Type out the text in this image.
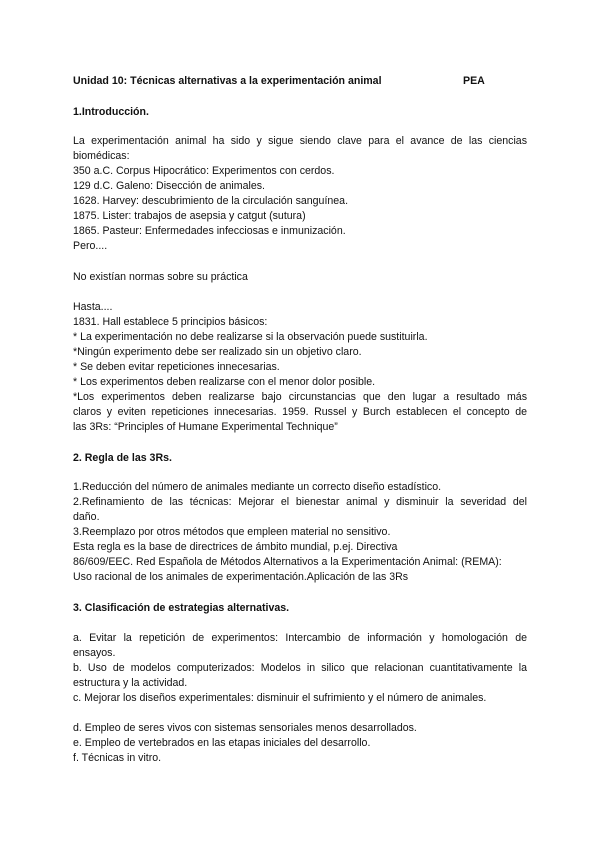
Unidad 10: Técnicas alternativas a la experimentación animal	PEA
1.Introducción.
La experimentación animal ha sido y sigue siendo clave para el avance de las ciencias
biomédicas:
350 a.C. Corpus Hipocrático: Experimentos con cerdos.
129 d.C. Galeno: Disección de animales.
1628. Harvey: descubrimiento de la circulación sanguínea.
1875. Lister: trabajos de asepsia y catgut (sutura)
1865. Pasteur: Enfermedades infecciosas e inmunización.
Pero....
No existían normas sobre su práctica
Hasta....
1831. Hall establece 5 principios básicos:
* La experimentación no debe realizarse si la observación puede sustituirla.
*Ningún experimento debe ser realizado sin un objetivo claro.
* Se deben evitar repeticiones innecesarias.
* Los experimentos deben realizarse con el menor dolor posible.
*Los experimentos deben realizarse bajo circunstancias que den lugar a resultado más
claros y eviten repeticiones innecesarias. 1959. Russel y Burch establecen el concepto de
las 3Rs: “Principles of Humane Experimental Technique”
2. Regla de las 3Rs.
1.Reducción del número de animales mediante un correcto diseño estadístico.
2.Refinamiento de las técnicas: Mejorar el bienestar animal y disminuir la severidad del
daño.
3.Reemplazo por otros métodos que empleen material no sensitivo.
Esta regla es la base de directrices de ámbito mundial, p.ej. Directiva
86/609/EEC. Red Española de Métodos Alternativos a la Experimentación Animal: (REMA):
Uso racional de los animales de experimentación.Aplicación de las 3Rs
3. Clasificación de estrategias alternativas.
a. Evitar la repetición de experimentos: Intercambio de información y homologación de
ensayos.
b. Uso de modelos computerizados: Modelos in silico que relacionan cuantitativamente la
estructura y la actividad.
c. Mejorar los diseños experimentales: disminuir el sufrimiento y el número de animales.
d. Empleo de seres vivos con sistemas sensoriales menos desarrollados.
e. Empleo de vertebrados en las etapas iniciales del desarrollo.
f. Técnicas in vitro.
